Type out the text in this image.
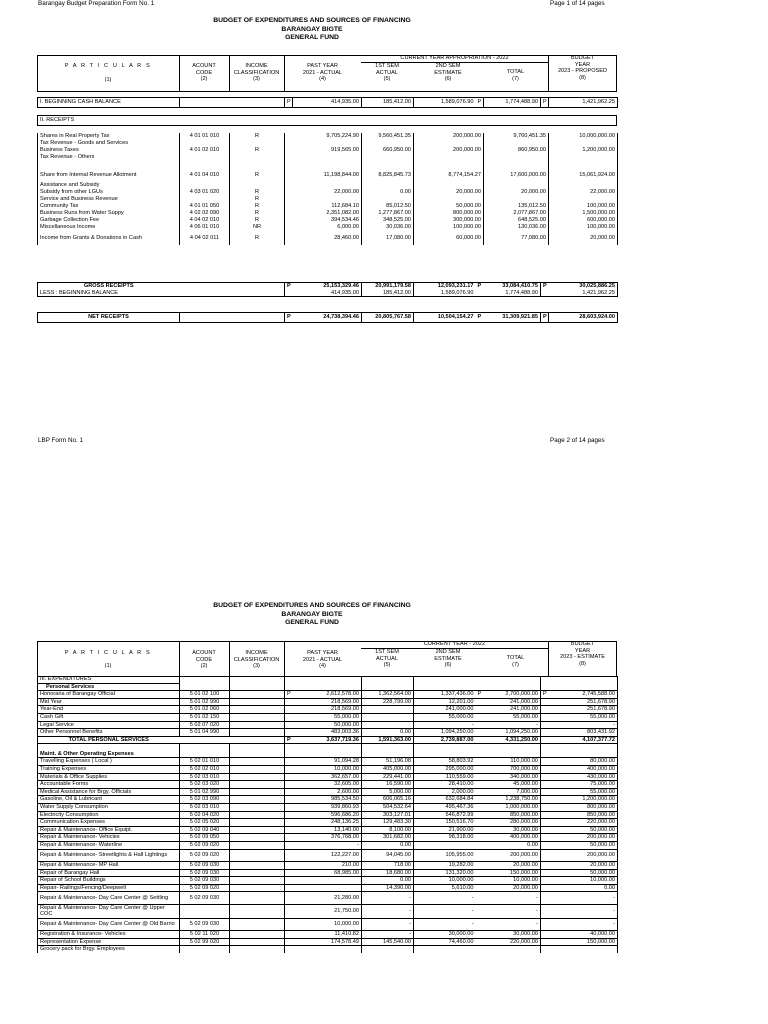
Barangay Budget Preparation Form No. 1	Page 1 of 14 pages
BUDGET OF EXPENDITURES AND SOURCES OF FINANCING
BARANGAY BIGTE
GENERAL FUND
P A R T I C U L A R S
(1)
ACOUNT
CODE
(2)
INCOME
CLASSIFICATION
(3)
PAST YEAR
2021 - ACTUAL
(4)
CURRENT YEAR APPROPRIATION - 2022
1ST SEM
ACTUAL
(5)
2ND SEM
ESTIMATE
(6)
TOTAL
(7)
BUDGET
YEAR
2023 - PROPOSED
(8)
I. BEGINNING CASH BALANCE			P	414,935.00	185,412.00	1,589,076.90	P	1,774,488.90	P	1,421,962.25
II. RECEIPTS
Shares in Real Property Tax	4 01 01 010	R	9,705,224.90	9,560,451.35	200,000.00	9,760,451.35	10,000,000.00
Tax Revenue - Goods and Services							
Business Taxes	4 01 02 010	R	919,565.00	660,950.00	200,000.00	860,950.00	1,200,000.00
Tax Revenue - Others							

Share from Internal Revenue Allotment	4 01 04 010	R	11,198,844.00	8,825,845.73	8,774,154.27	17,600,000.00	15,061,924.00
Assistance and Subsidy							
Subsidy from other LGUs	4 03 01 020	R	22,000.00	0.00	20,000.00	20,000.00	22,000.00
Service and Business Revenue		R					
Community Tax	4 01 01 050	R	112,684.10	85,012.50	50,000.00	135,012.50	100,000.00
Business Runs from Water Suppy	4 02 02 090	R	2,351,082.00	1,277,867.00	800,000.00	2,077,867.00	1,500,000.00
Garbage Collection Fee	4 04 02 010	R	394,534.46	348,525.00	300,000.00	648,525.00	600,000.00
Miscellaneous Income	4 06 01 010	NR	6,000.00	30,036.00	100,000.00	130,036.00	100,000.00
Income from Grants & Donations in Cash	4 04 02 011	R	28,460.00	17,080.00	60,000.00	77,080.00	20,000.00
GROSS RECEIPTS			P	25,153,329.46	20,991,179.58	12,093,231.17	P	33,084,410.75	P	30,025,886.25
LESS : BEGINNING BALANCE				414,935.00	185,412.00	1,589,076.90		1,774,488.90		1,421,962.25
NET RECEIPTS			P	24,738,394.46	20,805,767.58	10,504,154.27	P	31,309,921.85	P	28,603,924.00
LBP Form No. 1	Page 2 of 14 pages
BUDGET OF EXPENDITURES AND SOURCES OF FINANCING
BARANGAY BIGTE
GENERAL FUND
P A R T I C U L A R S
(1)
ACOUNT
CODE
(2)
INCOME
CLASSIFICATION
(3)
PAST YEAR
2021 - ACTUAL
(4)
CURRENT YEAR - 2022
1ST SEM
ACTUAL
(5)
2ND SEM
ESTIMATE
(6)
TOTAL
(7)
BUDGET
YEAR
2023 - ESTIMATE
(8)
III. EXPENDITURES										
Personal Services										
Honoraria of Barangay Official	5 01 02 100		P	2,612,578.00	1,362,564.00	1,337,436.00	P	2,700,000.00	P	2,745,588.00
Mid Year	5 01 02 990			218,569.00	228,799.00	12,201.00		241,000.00		251,678.90
Year-End	5 01 02 060			218,569.00		241,000.00		241,000.00		251,678.90
Cash Gift	5 01 02 150			55,000.00		55,000.00		55,000.00		55,000.00
Legal Service	5 02 07 020			50,000.00		-		-		-
Other Personnel Benefits	5 01 04 990			483,003.36	0.00	1,094,250.00		1,094,250.00		803,431.92
TOTAL PERSONAL SERVICES			P	3,637,719.36	1,591,363.00	2,739,887.00		4,331,250.00		4,107,377.72

Maint. & Other Operating Expenses										
Travelling Expenses ( Local )	5 02 01 010			91,094.28	51,196.08	58,803.92		110,000.00		80,000.00
Training Expenses	5 02 02 010			10,000.00	405,000.00	295,000.00		700,000.00		400,000.00
Materials & Office Supplies	5 02 03 010			362,657.00	229,441.00	110,559.00		340,000.00		430,000.00
Accountable Forms	5 02 03 020			32,605.00	16,590.00	28,410.00		45,000.00		75,000.00
Medical Assistance for Brgy. Officials	5 01 02 990			2,600.00	5,000.00	2,000.00		7,000.00		55,000.00
Gasoline, Oil & Lubricant	5 02 03 090			985,534.50	606,065.16	632,684.84		1,238,750.00		1,200,000.00
Water Supply Consumption	5 02 03 010			939,860.93	504,532.64	495,467.36		1,000,000.00		800,000.00
Electricity Consumption	5 02 04 020			596,686.20	303,127.01	546,872.99		850,000.00		850,000.00
Communication Expenses	5 02 05 020			248,136.25	129,483.30	150,516.70		280,000.00		220,000.00
Repair & Maintenance- Office Equipt.	5 02 09 040			13,140.00	8,100.00	21,900.00		30,000.00		50,000.00
Repair & Maintenance- Vehicles	5 02 09 050			376,768.00	301,682.00	98,318.00		400,000.00		200,000.00
Repair & Maintenance- Waterline	5 02 09 020			-	0.00			0.00		50,000.00
Repair & Maintenance- Streetlights & Hall Lightings	5 02 09 020			122,227.00	94,045.00	105,955.00		200,000.00		200,000.00
Repair & Maintenance- MP Hall	5 02 09 030			210.00	718.00	19,282.00		20,000.00		20,000.00
Repair of Barangay Hall	5 02 09 030			68,985.00	18,680.00	131,320.00		150,000.00		50,000.00
Repair of School Buildings	5 02 09 030				0.00	10,000.00		10,000.00		10,000.00
Repair- Railings/Fencing/Deepwell	5 02 09 020				14,390.00	5,610.00		20,000.00		0.00
Repair & Maintenance- Day Care Center @ Settling	5 02 09 030			21,280.00	-	-		-		-
Repair & Maintenance- Day Care Center @ Upper COC				21,750.00	-	-		-		-
Repair & Maintenance- Day Care Center @ Old Barrio	5 02 09 030			10,000.00	-	-		-		-
Registration & Insurance- Vehicles	5 02 11 020			11,410.82	-	30,000.00		30,000.00		40,000.00
Representation Expense	5 02 99 020			174,578.49	145,540.00	74,460.00		220,000.00		150,000.00
Grocery pack for Brgy. Employees										
